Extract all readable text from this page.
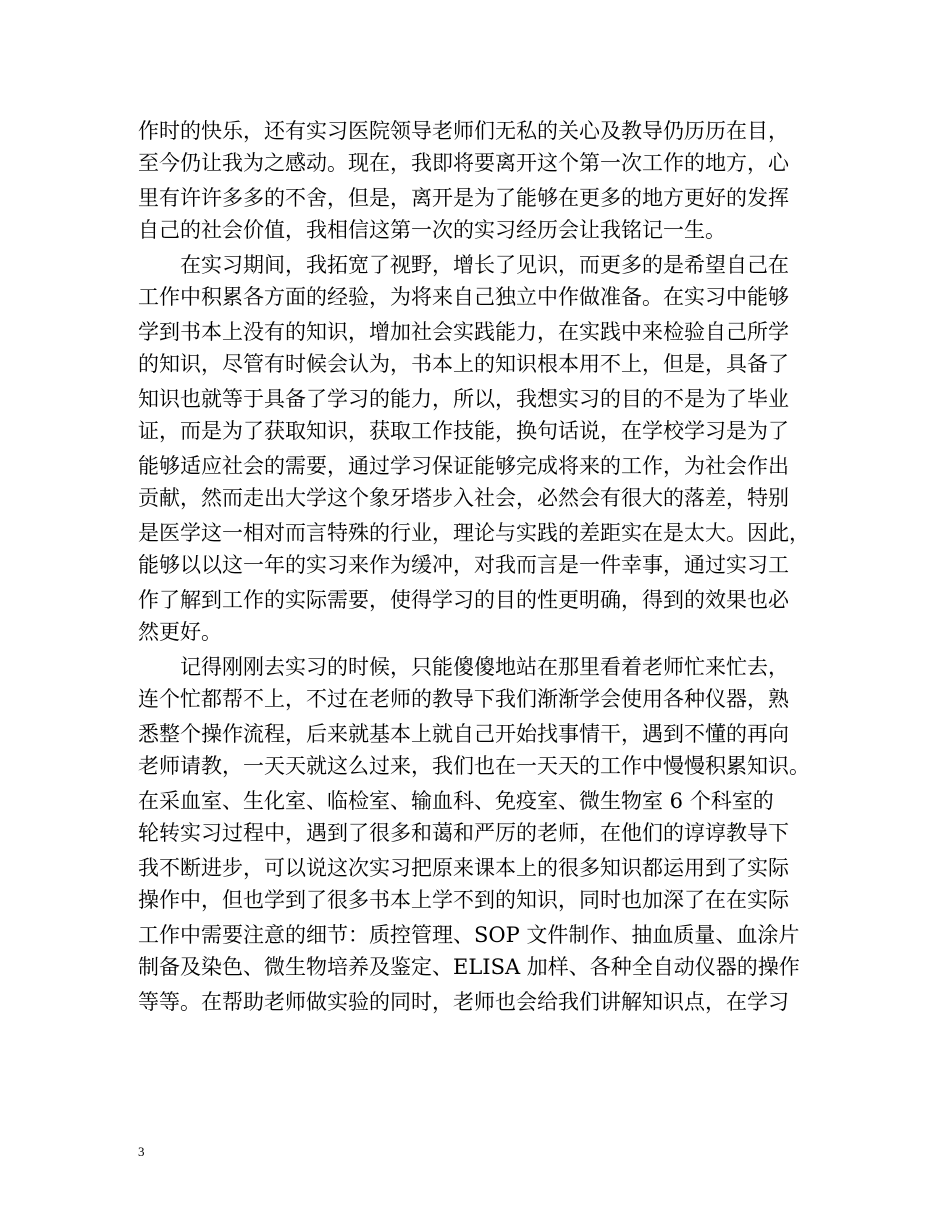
作时的快乐，还有实习医院领导老师们无私的关心及教导仍历历在目，
至今仍让我为之感动。现在，我即将要离开这个第一次工作的地方，心
里有许许多多的不舍，但是，离开是为了能够在更多的地方更好的发挥
自己的社会价值，我相信这第一次的实习经历会让我铭记一生。
　　在实习期间，我拓宽了视野，增长了见识，而更多的是希望自己在
工作中积累各方面的经验，为将来自己独立中作做准备。在实习中能够
学到书本上没有的知识，增加社会实践能力，在实践中来检验自己所学
的知识，尽管有时候会认为，书本上的知识根本用不上，但是，具备了
知识也就等于具备了学习的能力，所以，我想实习的目的不是为了毕业
证，而是为了获取知识，获取工作技能，换句话说，在学校学习是为了
能够适应社会的需要，通过学习保证能够完成将来的工作，为社会作出
贡献，然而走出大学这个象牙塔步入社会，必然会有很大的落差，特别
是医学这一相对而言特殊的行业，理论与实践的差距实在是太大。因此，
能够以以这一年的实习来作为缓冲，对我而言是一件幸事，通过实习工
作了解到工作的实际需要，使得学习的目的性更明确，得到的效果也必
然更好。
　　记得刚刚去实习的时候，只能傻傻地站在那里看着老师忙来忙去，
连个忙都帮不上，不过在老师的教导下我们渐渐学会使用各种仪器，熟
悉整个操作流程，后来就基本上就自己开始找事情干，遇到不懂的再向
老师请教，一天天就这么过来，我们也在一天天的工作中慢慢积累知识。
在采血室、生化室、临检室、输血科、免疫室、微生物室 6 个科室的
轮转实习过程中，遇到了很多和蔼和严厉的老师，在他们的谆谆教导下
我不断进步，可以说这次实习把原来课本上的很多知识都运用到了实际
操作中，但也学到了很多书本上学不到的知识，同时也加深了在在实际
工作中需要注意的细节：质控管理、SOP 文件制作、抽血质量、血涂片
制备及染色、微生物培养及鉴定、ELISA 加样、各种全自动仪器的操作
等等。在帮助老师做实验的同时，老师也会给我们讲解知识点，在学习
3
